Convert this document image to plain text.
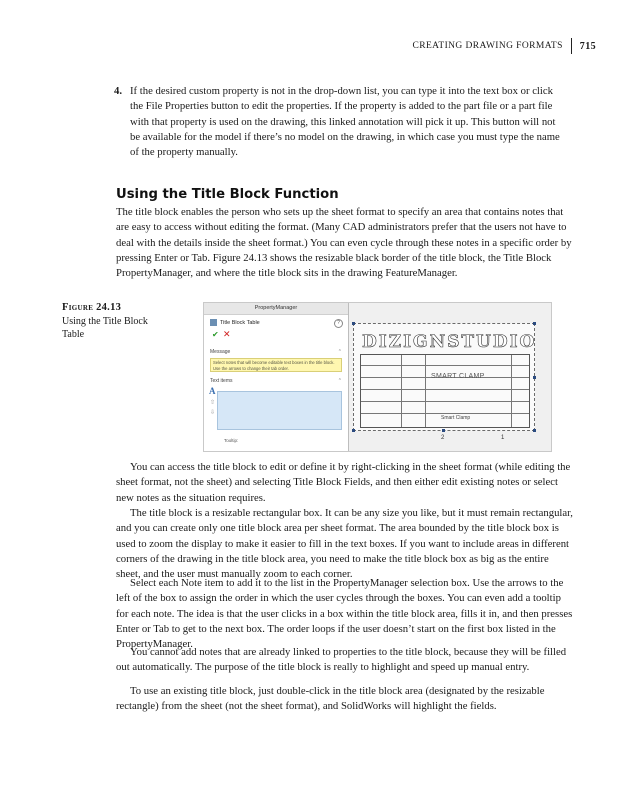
CREATING DRAWING FORMATS 715
4. If the desired custom property is not in the drop-down list, you can type it into the text box or click the File Properties button to edit the properties. If the property is added to the part file or a part file with that property is used on the drawing, this linked annotation will pick it up. This button will not be available for the model if there’s no model on the drawing, in which case you must type the name of the property manually.
Using the Title Block Function

The title block enables the person who sets up the sheet format to specify an area that contains notes that are easy to access without editing the format. (Many CAD administrators prefer that the users not have to deal with the details inside the sheet format.) You can even cycle through these notes in a specific order by pressing Enter or Tab. Figure 24.13 shows the resizable black border of the title block, the Title Block PropertyManager, and where the title block sits in the drawing FeatureManager.

Figure 24.13
Using the Title Block Table
PropertyManager
Title Block Table	?
✔ ✕
Message	⌃
Select notes that will become editable text boxes in the title block. Use the arrows to change their tab order.
Text items	⌃
A
⇧
⇩
Tooltip:
DIZIGNSTUDIO
SMART CLAMP
Smart Clamp
2	1

You can access the title block to edit or define it by right-clicking in the sheet format (while editing the sheet format, not the sheet) and selecting Title Block Fields, and then either edit existing notes or select new notes as the situation requires.

The title block is a resizable rectangular box. It can be any size you like, but it must remain rectangular, and you can create only one title block area per sheet format. The area bounded by the title block box is used to zoom the display to make it easier to fill in the text boxes. If you want to include areas in different corners of the drawing in the title block area, you need to make the title block box as big as the entire sheet, and the user must manually zoom to each corner.

Select each Note item to add it to the list in the PropertyManager selection box. Use the arrows to the left of the box to assign the order in which the user cycles through the boxes. You can even add a tooltip for each note. The idea is that the user clicks in a box within the title block area, fills it in, and then presses Enter or Tab to get to the next box. The order loops if the user doesn’t start on the first box listed in the PropertyManager.

You cannot add notes that are already linked to properties to the title block, because they will be filled out automatically. The purpose of the title block is really to highlight and speed up manual entry.

To use an existing title block, just double-click in the title block area (designated by the resizable rectangle) from the sheet (not the sheet format), and SolidWorks will highlight the fields.
